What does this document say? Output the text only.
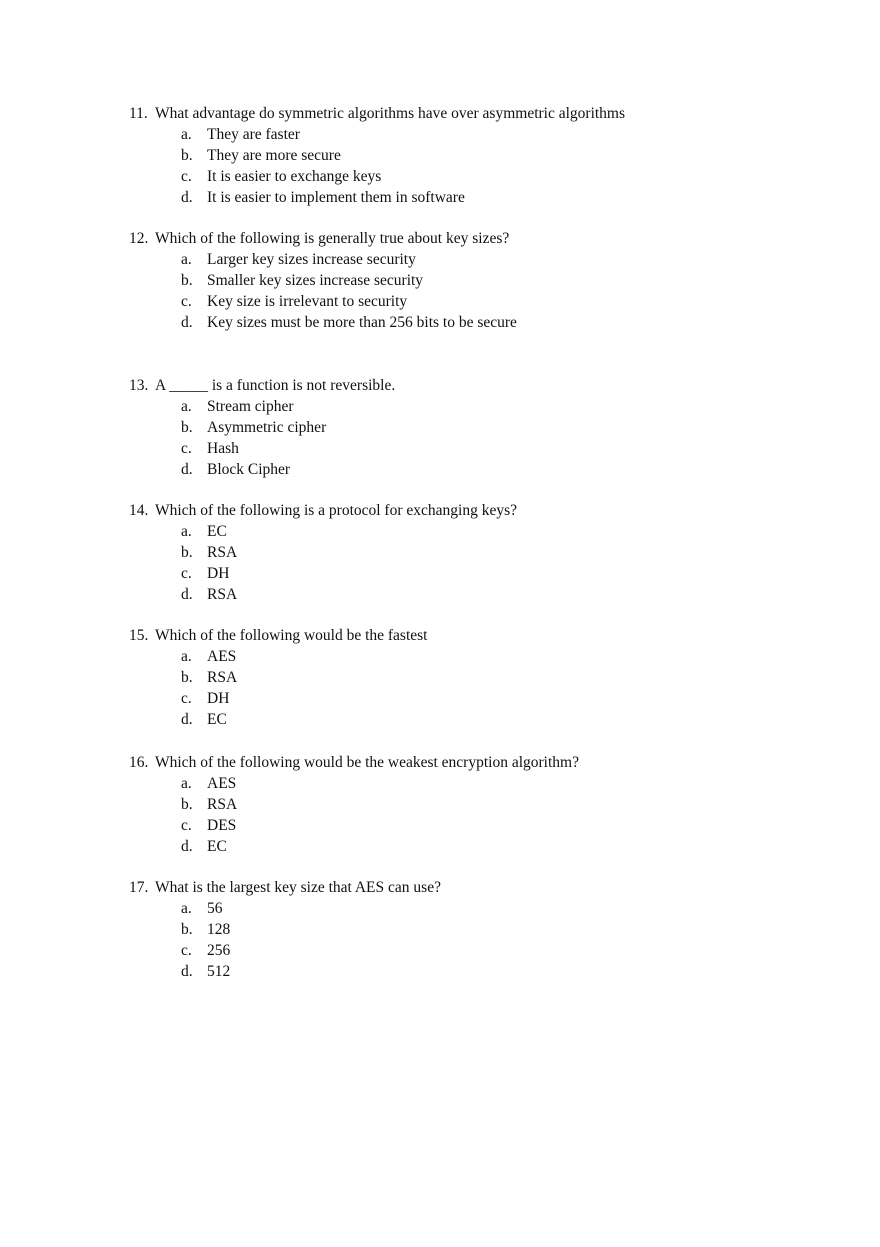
11. What advantage do symmetric algorithms have over asymmetric algorithms
a. They are faster
b. They are more secure
c. It is easier to exchange keys
d. It is easier to implement them in software
12. Which of the following is generally true about key sizes?
a. Larger key sizes increase security
b. Smaller key sizes increase security
c. Key size is irrelevant to security
d. Key sizes must be more than 256 bits to be secure
13. A _____ is a function is not reversible.
a. Stream cipher
b. Asymmetric cipher
c. Hash
d. Block Cipher
14. Which of the following is a protocol for exchanging keys?
a. EC
b. RSA
c. DH
d. RSA
15. Which of the following would be the fastest
a. AES
b. RSA
c. DH
d. EC
16. Which of the following would be the weakest encryption algorithm?
a. AES
b. RSA
c. DES
d. EC
17. What is the largest key size that AES can use?
a. 56
b. 128
c. 256
d. 512
